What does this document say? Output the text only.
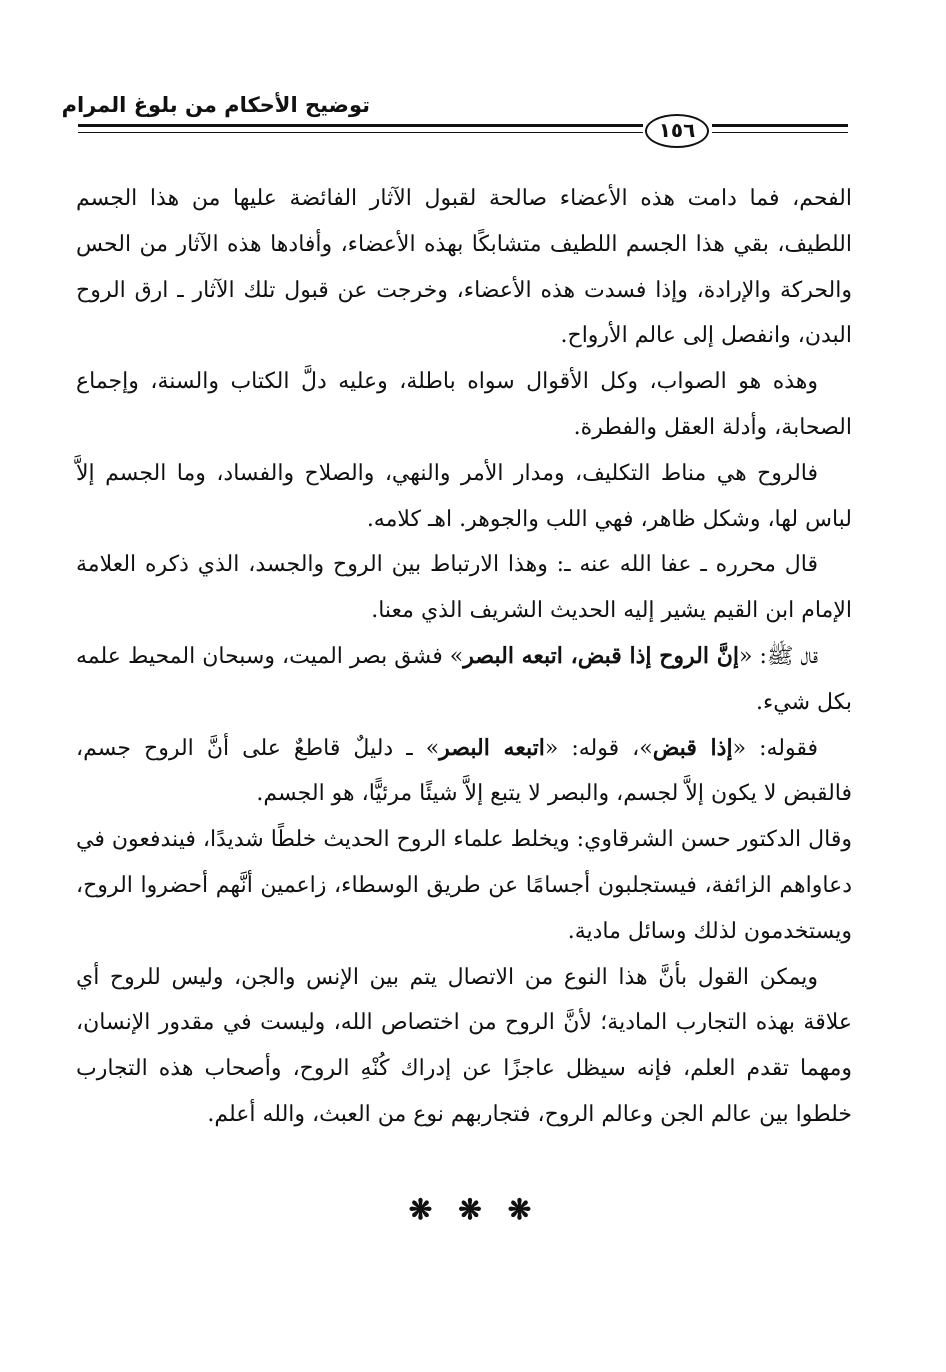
توضيح الأحكام من بلوغ المرام
١٥٦

الفحم، فما دامت هذه الأعضاء صالحة لقبول الآثار الفائضة عليها من هذا الجسم اللطيف، بقي هذا الجسم اللطيف متشابكًا بهذه الأعضاء، وأفادها هذه الآثار من الحس والحركة والإرادة، وإذا فسدت هذه الأعضاء، وخرجت عن قبول تلك الآثار ـ ارق الروح البدن، وانفصل إلى عالم الأرواح.

وهذه هو الصواب، وكل الأقوال سواه باطلة، وعليه دلَّ الكتاب والسنة، وإجماع الصحابة، وأدلة العقل والفطرة.

فالروح هي مناط التكليف، ومدار الأمر والنهي، والصلاح والفساد، وما الجسم إلاَّ لباس لها، وشكل ظاهر، فهي اللب والجوهر. اهـ كلامه.

قال محرره ـ عفا الله عنه ـ: وهذا الارتباط بين الروح والجسد، الذي ذكره العلامة الإمام ابن القيم يشير إليه الحديث الشريف الذي معنا.

قال ﷺ: «إنَّ الروح إذا قبض، اتبعه البصر» فشق بصر الميت، وسبحان المحيط علمه بكل شيء.

فقوله: «إذا قبض»، قوله: «اتبعه البصر» ـ دليلٌ قاطعٌ على أنَّ الروح جسم، فالقبض لا يكون إلاَّ لجسم، والبصر لا يتبع إلاَّ شيئًا مرئيًّا، هو الجسم.

وقال الدكتور حسن الشرقاوي: ويخلط علماء الروح الحديث خلطًا شديدًا، فيندفعون في دعاواهم الزائفة، فيستجلبون أجسامًا عن طريق الوسطاء، زاعمين أنَّهم أحضروا الروح، ويستخدمون لذلك وسائل مادية.

ويمكن القول بأنَّ هذا النوع من الاتصال يتم بين الإنس والجن، وليس للروح أي علاقة بهذه التجارب المادية؛ لأنَّ الروح من اختصاص الله، وليست في مقدور الإنسان، ومهما تقدم العلم، فإنه سيظل عاجزًا عن إدراك كُنْهِ الروح، وأصحاب هذه التجارب خلطوا بين عالم الجن وعالم الروح، فتجاربهم نوع من العبث، والله أعلم.

❋ ❋ ❋
